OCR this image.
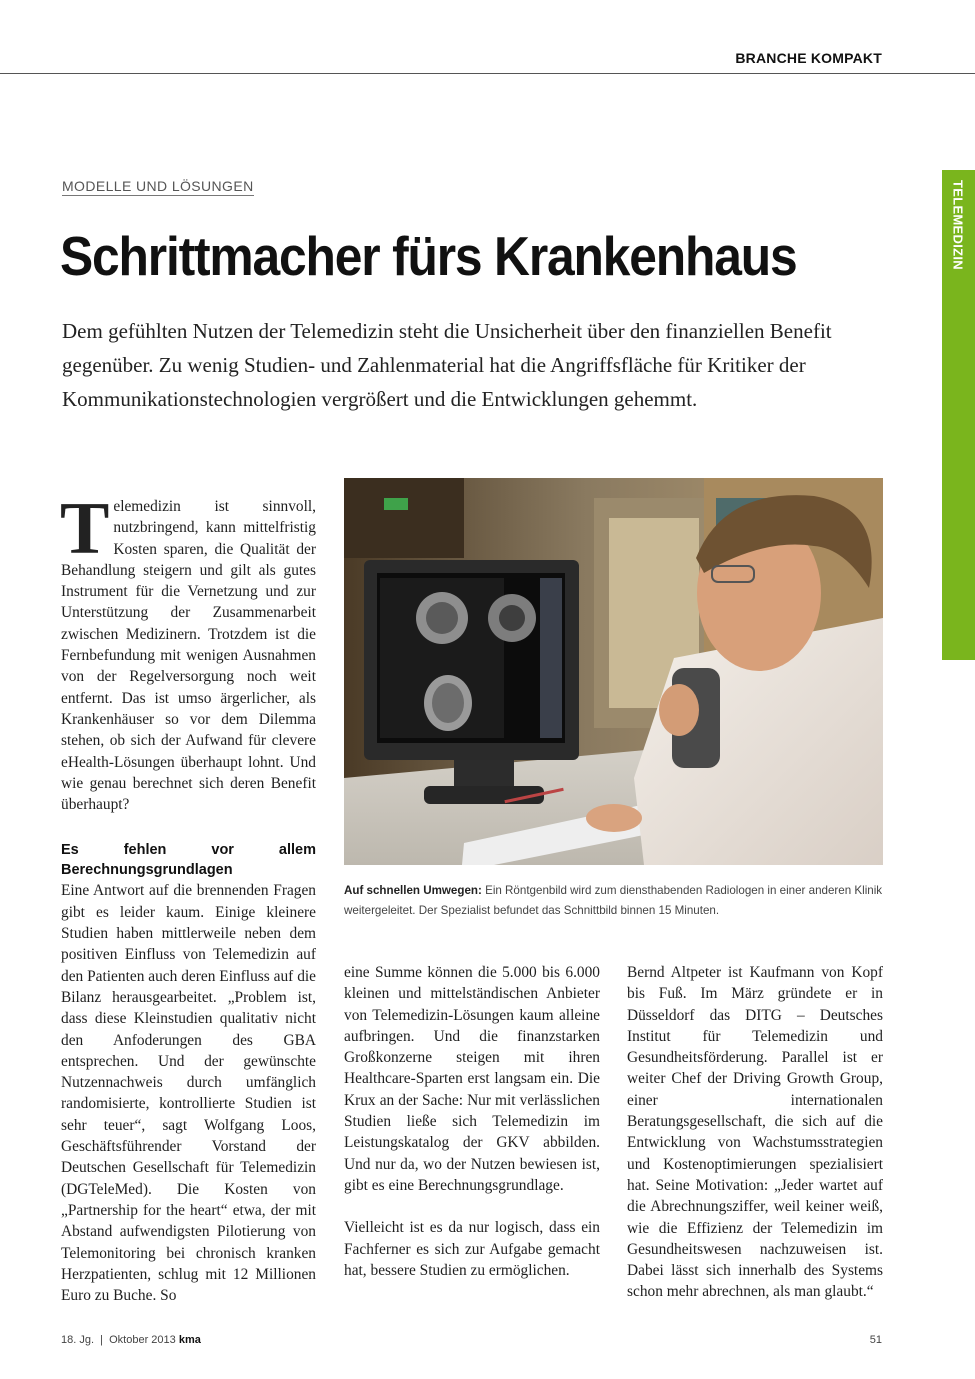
BRANCHE KOMPAKT
TELEMEDIZIN
MODELLE UND LÖSUNGEN
Schrittmacher fürs Krankenhaus

Dem gefühlten Nutzen der Telemedizin steht die Unsicherheit über den finanziellen Benefit gegenüber. Zu wenig Studien- und Zahlenmaterial hat die Angriffsfläche für Kritiker der Kommunikationstechnologien vergrößert und die Entwicklungen gehemmt.

Telemedizin ist sinnvoll, nutzbringend, kann mittelfristig Kosten sparen, die Qualität der Behandlung steigern und gilt als gutes Instrument für die Vernetzung und zur Unterstützung der Zusammenarbeit zwischen Medizinern. Trotzdem ist die Fernbefundung mit wenigen Ausnahmen von der Regelversorgung noch weit entfernt. Das ist umso ärgerlicher, als Krankenhäuser so vor dem Dilemma stehen, ob sich der Aufwand für clevere eHealth-Lösungen überhaupt lohnt. Und wie genau berechnet sich deren Benefit überhaupt?

Es fehlen vor allem Berechnungsgrundlagen

Eine Antwort auf die brennenden Fragen gibt es leider kaum. Einige kleinere Studien haben mittlerweile neben dem positiven Einfluss von Telemedizin auf den Patienten auch deren Einfluss auf die Bilanz herausgearbeitet. „Problem ist, dass diese Kleinstudien qualitativ nicht den Anfoderungen des GBA entsprechen. Und der gewünschte Nutzennachweis durch umfänglich randomisierte, kontrollierte Studien ist sehr teuer“, sagt Wolfgang Loos, Geschäftsführender Vorstand der Deutschen Gesellschaft für Telemedizin (DGTeleMed). Die Kosten von „Partnership for the heart“ etwa, der mit Abstand aufwendigsten Pilotierung von Telemonitoring bei chronisch kranken Herzpatienten, schlug mit 12 Millionen Euro zu Buche. So

Auf schnellen Umwegen: Ein Röntgenbild wird zum diensthabenden Radiologen in einer anderen Klinik weitergeleitet. Der Spezialist befundet das Schnittbild binnen 15 Minuten.

eine Summe können die 5.000 bis 6.000 kleinen und mittelständischen Anbieter von Telemedizin-Lösungen kaum alleine aufbringen. Und die finanzstarken Großkonzerne steigen mit ihren Healthcare-Sparten erst langsam ein. Die Krux an der Sache: Nur mit verlässlichen Studien ließe sich Telemedizin im Leistungskatalog der GKV abbilden. Und nur da, wo der Nutzen bewiesen ist, gibt es eine Berechnungsgrundlage.

Vielleicht ist es da nur logisch, dass ein Fachferner es sich zur Aufgabe gemacht hat, bessere Studien zu ermöglichen.

Bernd Altpeter ist Kaufmann von Kopf bis Fuß. Im März gründete er in Düsseldorf das DITG – Deutsches Institut für Telemedizin und Gesundheitsförderung. Parallel ist er weiter Chef der Driving Growth Group, einer internationalen Beratungsgesellschaft, die sich auf die Entwicklung von Wachstumsstrategien und Kostenoptimierungen spezialisiert hat. Seine Motivation: „Jeder wartet auf die Abrechnungsziffer, weil keiner weiß, wie die Effizienz der Telemedizin im Gesundheitswesen nachzuweisen ist. Dabei lässt sich innerhalb des Systems schon mehr abrechnen, als man glaubt.“

18. Jg.  |  Oktober 2013 kma	51
